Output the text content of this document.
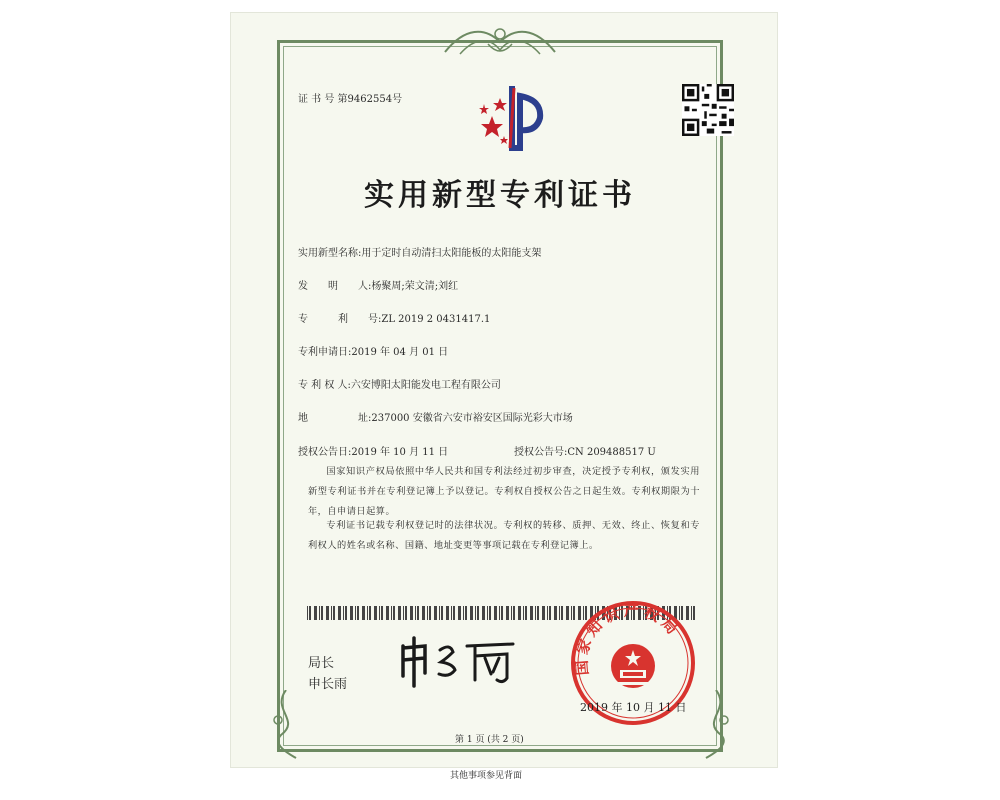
证 书 号 第9462554号
实用新型专利证书
实用新型名称:用于定时自动清扫太阳能板的太阳能支架
发　　明　　人:杨聚周;荣文清;刘红
专　　　利　　号:ZL 2019 2 0431417.1
专利申请日:2019 年 04 月 01 日
专 利 权 人:六安博阳太阳能发电工程有限公司
地　　　　　址:237000 安徽省六安市裕安区国际光彩大市场
授权公告日:2019 年 10 月 11 日	授权公告号:CN 209488517 U
国家知识产权局依照中华人民共和国专利法经过初步审查，决定授予专利权，颁发实用新型专利证书并在专利登记簿上予以登记。专利权自授权公告之日起生效。专利权期限为十年，自申请日起算。
专利证书记载专利权登记时的法律状况。专利权的转移、质押、无效、终止、恢复和专利权人的姓名或名称、国籍、地址变更等事项记载在专利登记簿上。
局长
申长雨
国家知识产权局
2019 年 10 月 11 日
第 1 页 (共 2 页)
其他事项参见背面
